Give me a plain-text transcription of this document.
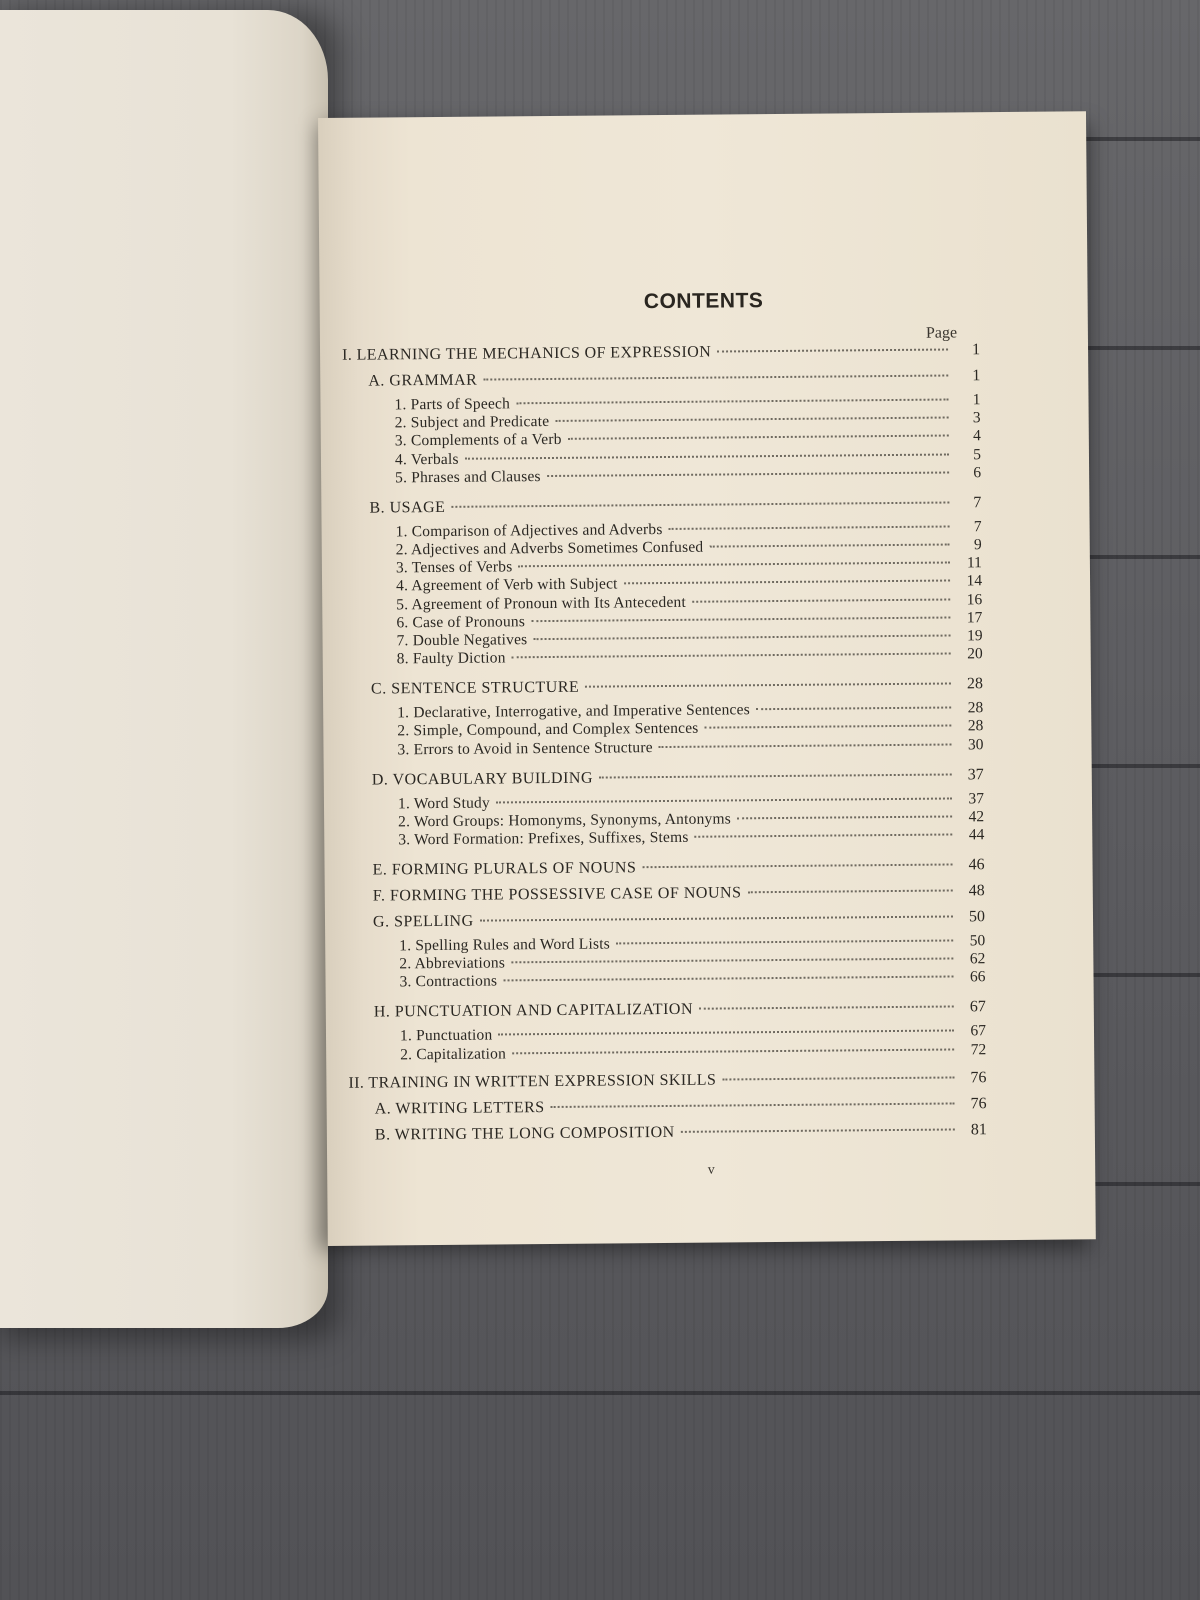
CONTENTS
Page
I. LEARNING THE MECHANICS OF EXPRESSION	1
A. GRAMMAR	1
1. Parts of Speech	1
2. Subject and Predicate	3
3. Complements of a Verb	4
4. Verbals	5
5. Phrases and Clauses	6
B. USAGE	7
1. Comparison of Adjectives and Adverbs	7
2. Adjectives and Adverbs Sometimes Confused	9
3. Tenses of Verbs	11
4. Agreement of Verb with Subject	14
5. Agreement of Pronoun with Its Antecedent	16
6. Case of Pronouns	17
7. Double Negatives	19
8. Faulty Diction	20
C. SENTENCE STRUCTURE	28
1. Declarative, Interrogative, and Imperative Sentences	28
2. Simple, Compound, and Complex Sentences	28
3. Errors to Avoid in Sentence Structure	30
D. VOCABULARY BUILDING	37
1. Word Study	37
2. Word Groups: Homonyms, Synonyms, Antonyms	42
3. Word Formation: Prefixes, Suffixes, Stems	44
E. FORMING PLURALS OF NOUNS	46
F. FORMING THE POSSESSIVE CASE OF NOUNS	48
G. SPELLING	50
1. Spelling Rules and Word Lists	50
2. Abbreviations	62
3. Contractions	66
H. PUNCTUATION AND CAPITALIZATION	67
1. Punctuation	67
2. Capitalization	72
II. TRAINING IN WRITTEN EXPRESSION SKILLS	76
A. WRITING LETTERS	76
B. WRITING THE LONG COMPOSITION	81
v
